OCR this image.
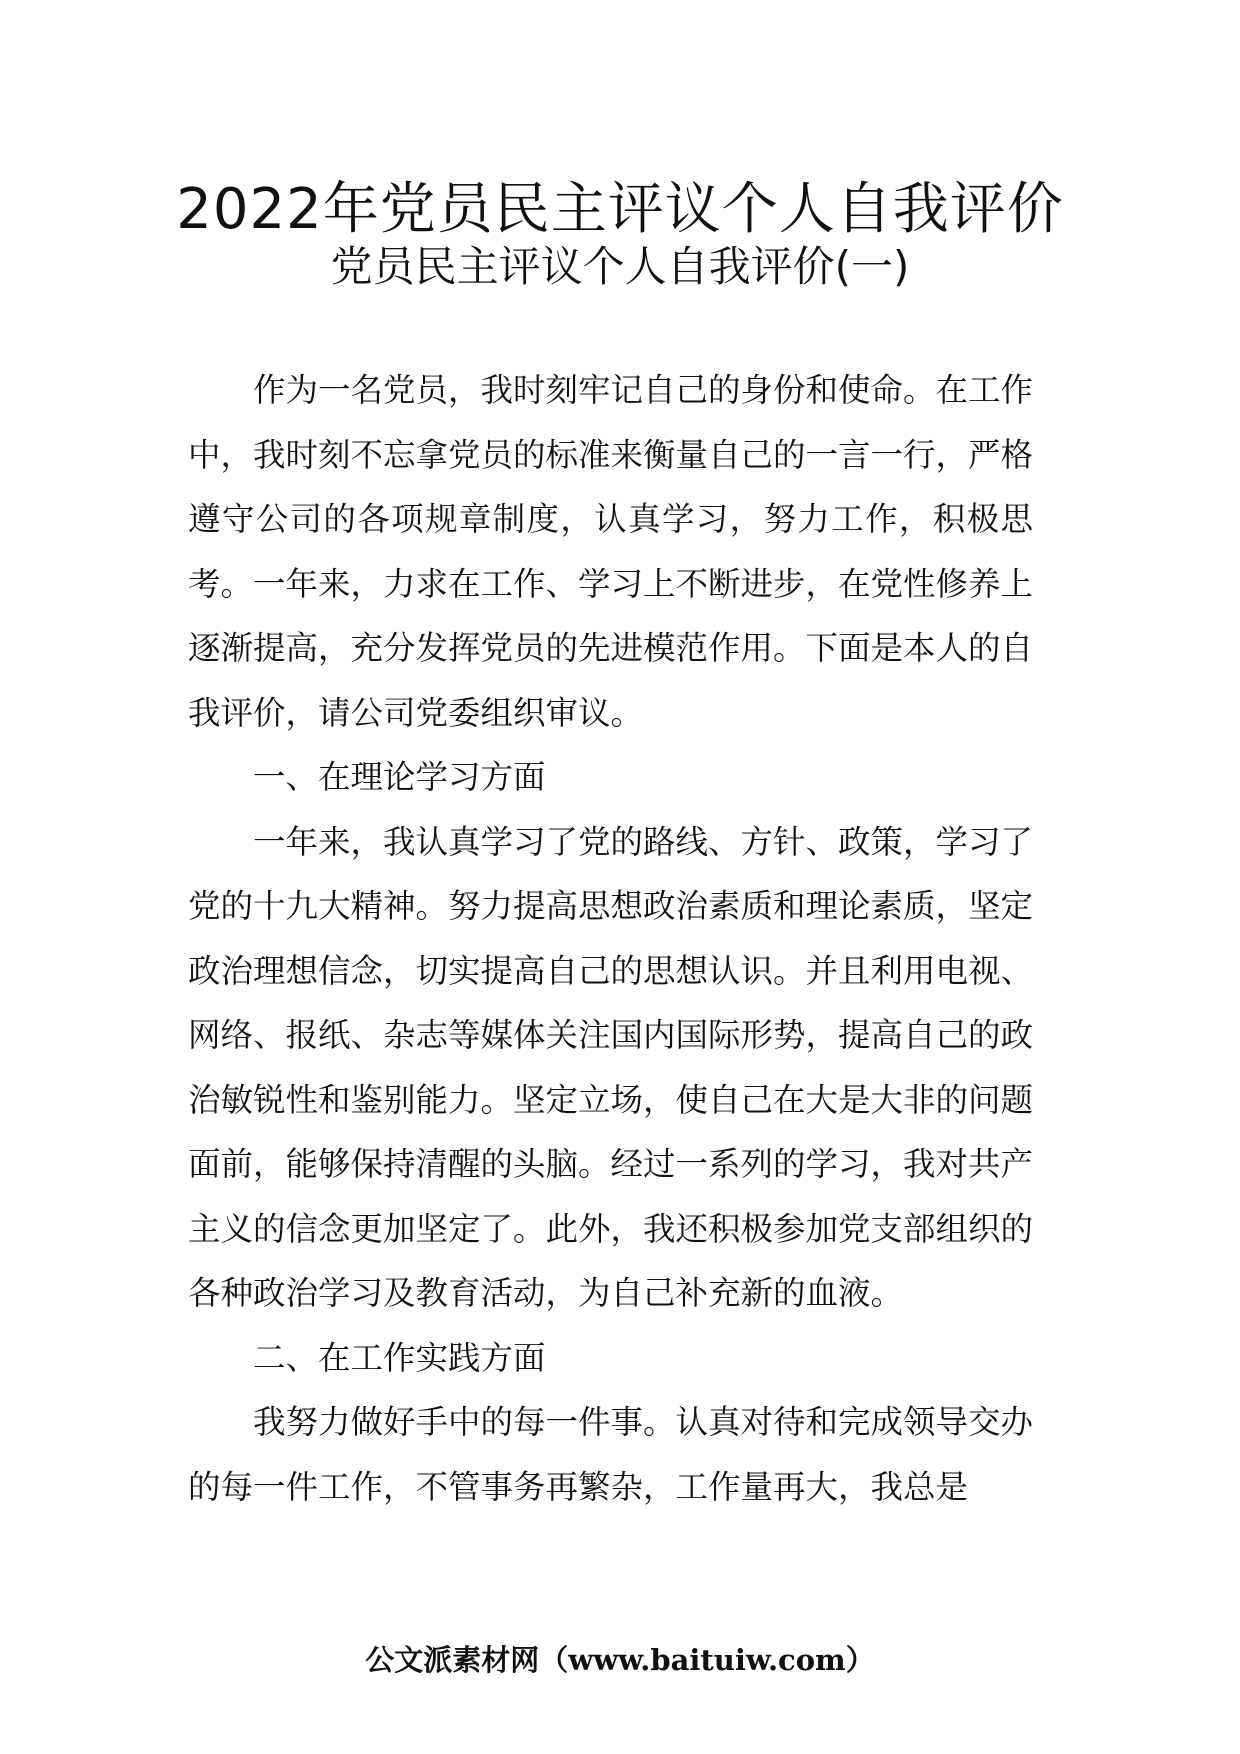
2022年党员民主评议个人自我评价
党员民主评议个人自我评价(一)

作为一名党员，我时刻牢记自己的身份和使命。在工作中，我时刻不忘拿党员的标准来衡量自己的一言一行，严格遵守公司的各项规章制度，认真学习，努力工作，积极思考。一年来，力求在工作、学习上不断进步，在党性修养上逐渐提高，充分发挥党员的先进模范作用。下面是本人的自我评价，请公司党委组织审议。

一、在理论学习方面

一年来，我认真学习了党的路线、方针、政策，学习了党的十九大精神。努力提高思想政治素质和理论素质，坚定政治理想信念，切实提高自己的思想认识。并且利用电视、网络、报纸、杂志等媒体关注国内国际形势，提高自己的政治敏锐性和鉴别能力。坚定立场，使自己在大是大非的问题面前，能够保持清醒的头脑。经过一系列的学习，我对共产主义的信念更加坚定了。此外，我还积极参加党支部组织的各种政治学习及教育活动，为自己补充新的血液。

二、在工作实践方面

我努力做好手中的每一件事。认真对待和完成领导交办的每一件工作，不管事务再繁杂，工作量再大，我总是

公文派素材网（www.baituiw.com）
